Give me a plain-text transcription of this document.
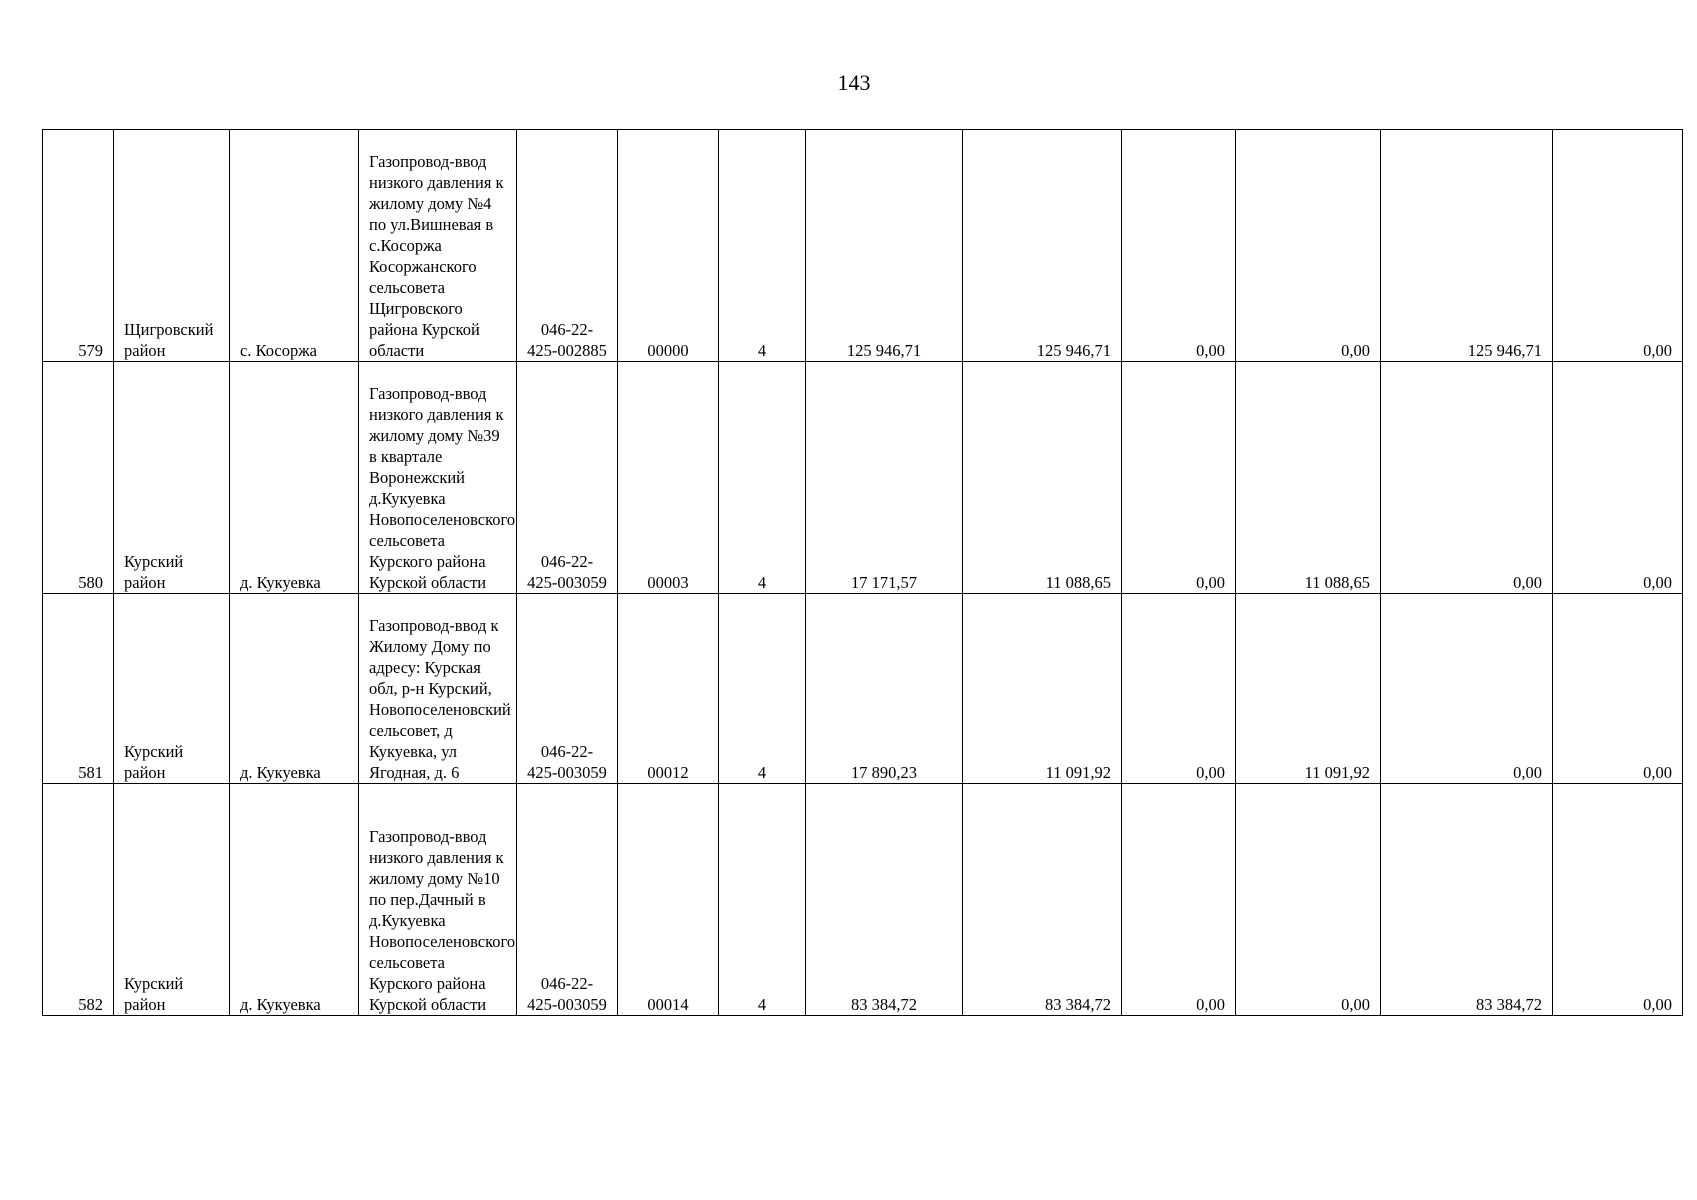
143
579	Щигровский район	с. Косоржа	Газопровод-ввод низкого давления к жилому дому №4 по ул.Вишневая в с.Косоржа Косоржанского сельсовета Щигровского района Курской области	046-22-425-002885	00000	4	125 946,71	125 946,71	0,00	0,00	125 946,71	0,00
580	Курский район	д. Кукуевка	Газопровод-ввод низкого давления к жилому дому №39 в квартале Воронежский д.Кукуевка Новопоселеновского сельсовета Курского района Курской области	046-22-425-003059	00003	4	17 171,57	11 088,65	0,00	11 088,65	0,00	0,00
581	Курский район	д. Кукуевка	Газопровод-ввод к Жилому Дому по адресу: Курская обл, р-н Курский, Новопоселеновский сельсовет, д Кукуевка, ул Ягодная, д. 6	046-22-425-003059	00012	4	17 890,23	11 091,92	0,00	11 091,92	0,00	0,00
582	Курский район	д. Кукуевка	Газопровод-ввод низкого давления к жилому дому №10 по пер.Дачный в д.Кукуевка Новопоселеновского сельсовета Курского района Курской области	046-22-425-003059	00014	4	83 384,72	83 384,72	0,00	0,00	83 384,72	0,00
